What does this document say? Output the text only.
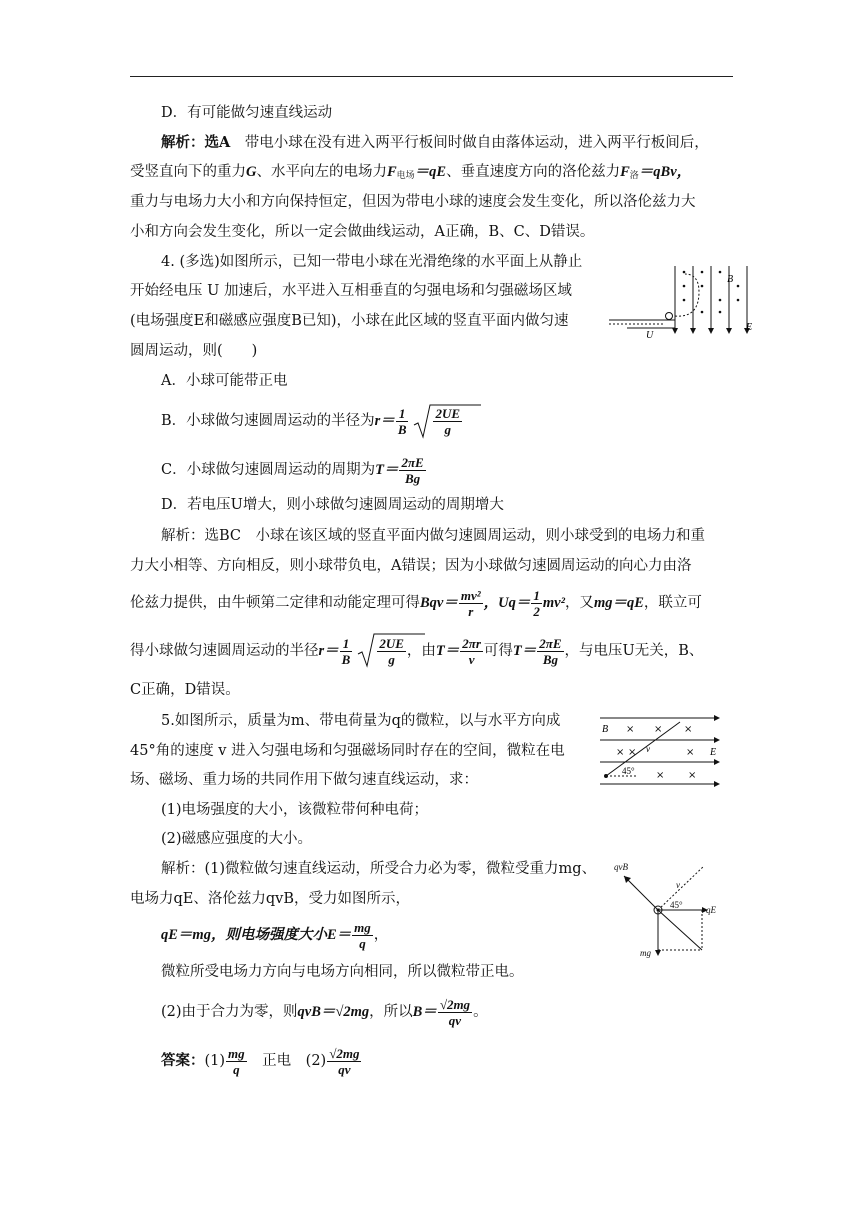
D．有可能做匀速直线运动
解析：选A　带电小球在没有进入两平行板间时做自由落体运动，进入两平行板间后，
受竖直向下的重力G、水平向左的电场力$F_{电场}=qE$、垂直速度方向的洛伦兹力$F_洛=qBv$，
重力与电场力大小和方向保持恒定，但因为带电小球的速度会发生变化，所以洛伦兹力大
小和方向会发生变化，所以一定会做曲线运动，A正确，B、C、D错误。
4. (多选)如图所示，已知一带电小球在光滑绝缘的水平面上从静止
开始经电压 U 加速后，水平进入互相垂直的匀强电场和匀强磁场区域
(电场强度E和磁感应强度B已知)，小球在此区域的竖直平面内做匀速
圆周运动，则(　　)
B
E
U
A．小球可能带正电
B．小球做匀速圆周运动的半径为$r= \frac{1}{B} \frac{2UE}{g}$
C．小球做匀速圆周运动的周期为$T= \frac{2\pi E}{Bg}$
D．若电压U增大，则小球做匀速圆周运动的周期增大
解析：选BC　小球在该区域的竖直平面内做匀速圆周运动，则小球受到的电场力和重
力大小相等、方向相反，则小球带负电，A错误；因为小球做匀速圆周运动的向心力由洛
伦兹力提供，由牛顿第二定律和动能定理可得$Bqv= \frac{\text{mv²}}{r}$ ，$Uq= \frac{1}{2} mv^2$，又mg＝qE，联立可
得小球做匀速圆周运动的半径$r= \frac{1}{B} \frac{2UE}{g}$ ，由$T= \frac{2\pi r}{v}$ 可得$T= \frac{2\pi E}{Bg}$ ，与电压U无关，B、
C正确，D错误。
5.如图所示，质量为m、带电荷量为q的微粒，以与水平方向成
45°角的速度 v 进入匀强电场和匀强磁场同时存在的空间，微粒在电
场、磁场、重力场的共同作用下做匀速直线运动，求：
(1)电场强度的大小，该微粒带何种电荷；
(2)磁感应强度的大小。
× × ×
×	×
×
× ×
B
E
v
45°
解析：(1)微粒做匀速直线运动，所受合力必为零，微粒受重力mg、
电场力qE、洛伦兹力qvB，受力如图所示，
qE＝mg，则电场强度大小$E= \frac{mg}{q}$ ，
微粒所受电场力方向与电场方向相同，所以微粒带正电。
(2)由于合力为零，则qvB＝√2mg，所以$B= \frac{√2mg}{qv}$ 。
qvB
v
45°	qE
mg
答案：$(1) \frac{mg}{q}$ 　正电　$(2) \frac{√2mg}{qv}$
